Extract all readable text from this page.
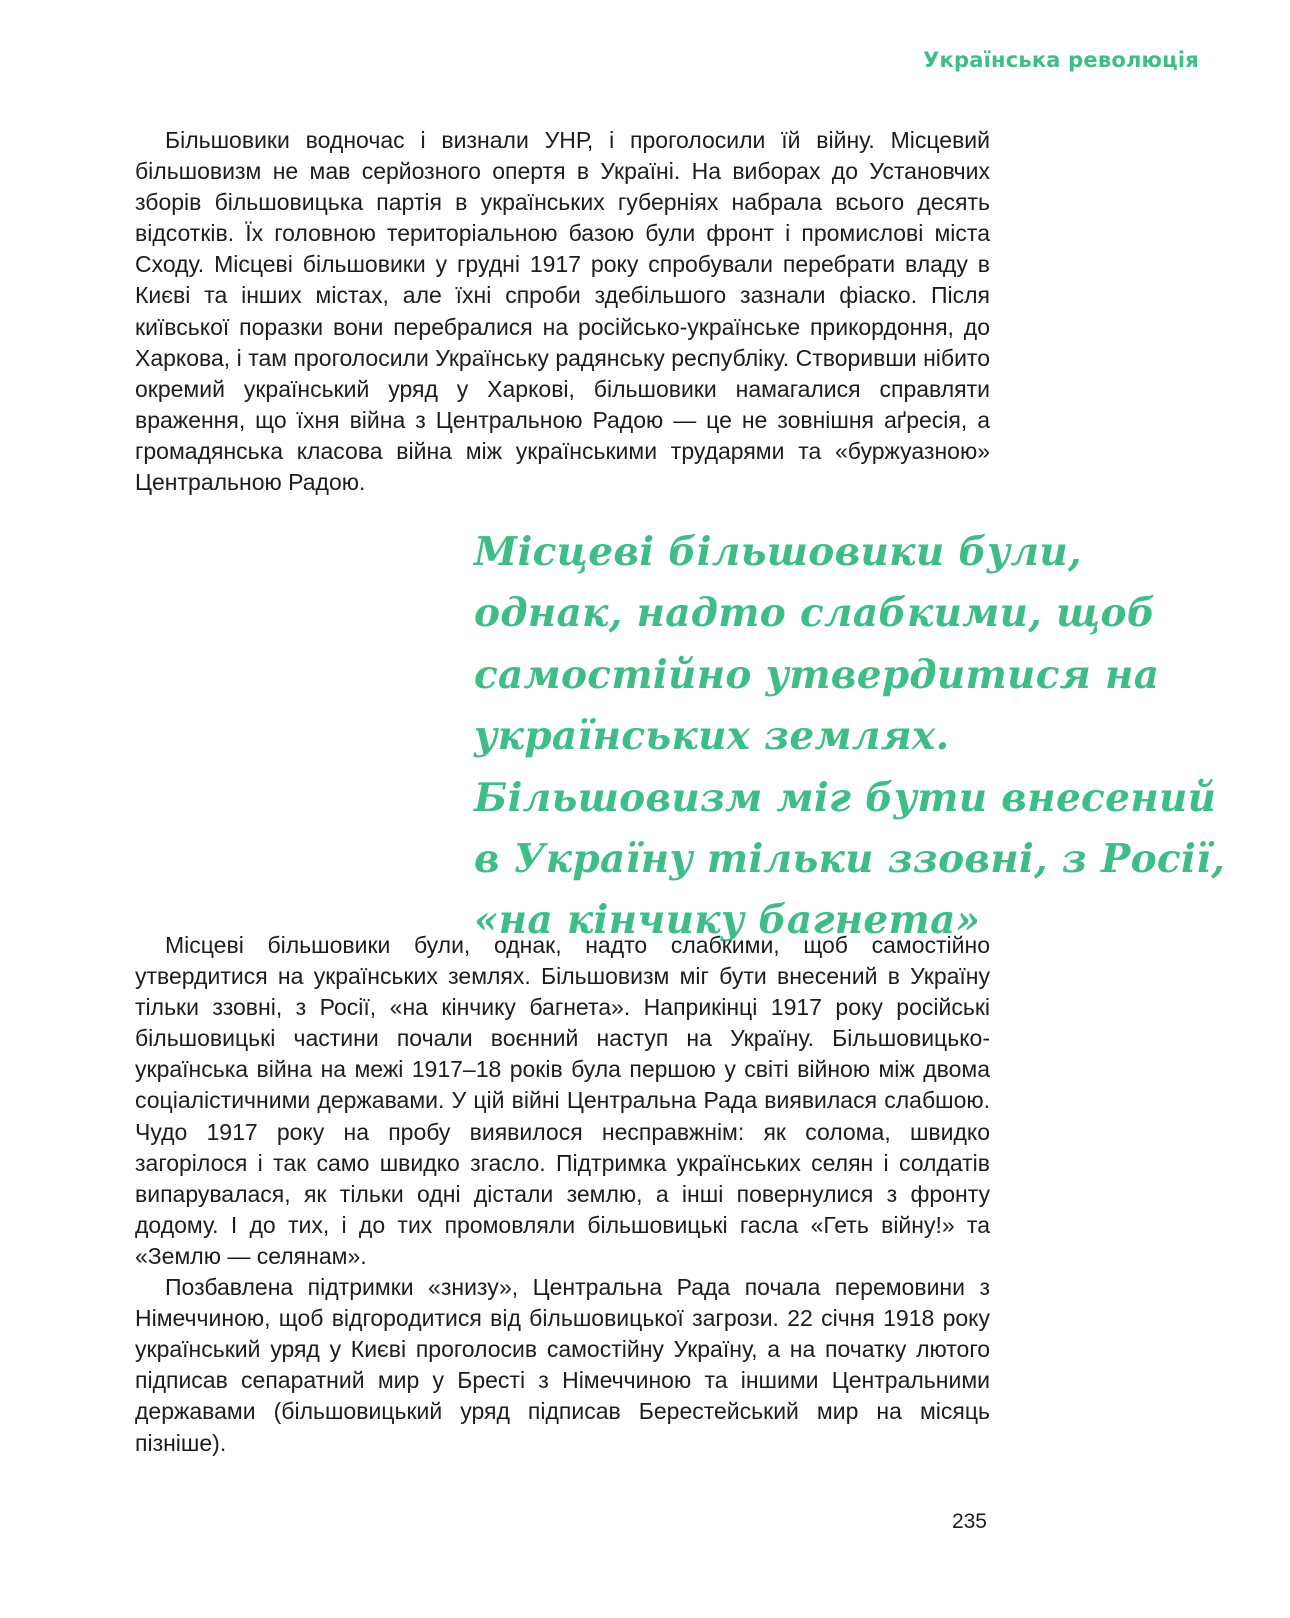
Українська революція

Більшовики водночас і визнали УНР, і проголосили їй війну. Місцевий більшовизм не мав серйозного опертя в Україні. На виборах до Установчих зборів більшовицька партія в українських губерніях набрала всього десять відсотків. Їх головною територіальною базою були фронт і промислові міста Сходу. Місцеві більшовики у грудні 1917 року спробували перебрати владу в Києві та інших містах, але їхні спроби здебільшого зазнали фіаско. Після київської поразки вони перебралися на російсько-українське прикордоння, до Харкова, і там проголосили Українську радянську республіку. Створивши нібито окремий український уряд у Харкові, більшовики намагалися справляти враження, що їхня війна з Центральною Радою — це не зовнішня аґресія, а громадянська класова війна між українськими трударями та «буржуазною» Центральною Радою.

Місцеві більшовики були, однак, надто слабкими, щоб самостійно утвердитися на українських землях. Більшовизм міг бути внесений в Україну тільки ззовні, з Росії, «на кінчику багнета»

Місцеві більшовики були, однак, надто слабкими, щоб самостійно утвердитися на українських землях. Більшовизм міг бути внесений в Україну тільки ззовні, з Росії, «на кінчику багнета». Наприкінці 1917 року російські більшовицькі частини почали воєнний наступ на Україну. Більшовицько-українська війна на межі 1917–18 років була першою у світі війною між двома соціалістичними державами. У цій війні Центральна Рада виявилася слабшою. Чудо 1917 року на пробу виявилося несправжнім: як солома, швидко загорілося і так само швидко згасло. Підтримка українських селян і солдатів випарувалася, як тільки одні дістали землю, а інші повернулися з фронту додому. І до тих, і до тих промовляли більшовицькі гасла «Геть війну!» та «Землю — селянам».

Позбавлена підтримки «знизу», Центральна Рада почала перемовини з Німеччиною, щоб відгородитися від більшовицької загрози. 22 січня 1918 року український уряд у Києві проголосив самостійну Україну, а на початку лютого підписав сепаратний мир у Бресті з Німеччиною та іншими Центральними державами (більшовицький уряд підписав Берестейський мир на місяць пізніше).

235
